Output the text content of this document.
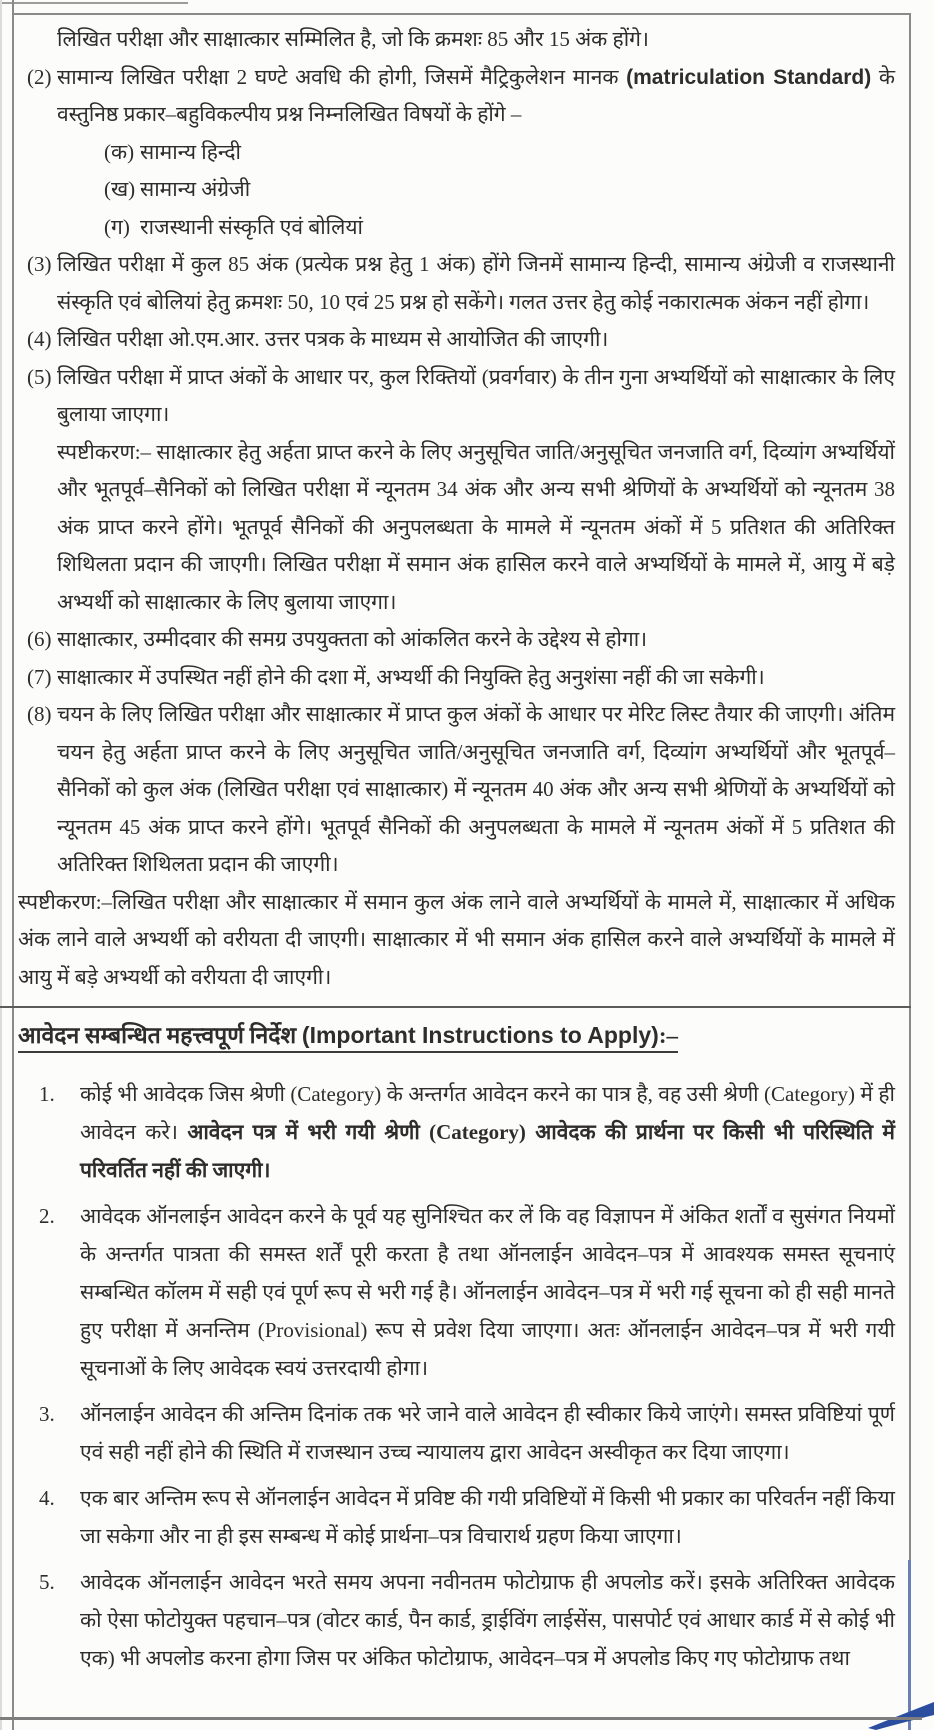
लिखित परीक्षा और साक्षात्कार सम्मिलित है, जो कि क्रमशः 85 और 15 अंक होंगे।
(2) सामान्य लिखित परीक्षा 2 घण्टे अवधि की होगी, जिसमें मैट्रिकुलेशन मानक (matriculation Standard) के वस्तुनिष्ठ प्रकार–बहुविकल्पीय प्रश्न निम्नलिखित विषयों के होंगे –
(क) सामान्य हिन्दी
(ख) सामान्य अंग्रेजी
(ग) राजस्थानी संस्कृति एवं बोलियां
(3) लिखित परीक्षा में कुल 85 अंक (प्रत्येक प्रश्न हेतु 1 अंक) होंगे जिनमें सामान्य हिन्दी, सामान्य अंग्रेजी व राजस्थानी संस्कृति एवं बोलियां हेतु क्रमशः 50, 10 एवं 25 प्रश्न हो सकेंगे। गलत उत्तर हेतु कोई नकारात्मक अंकन नहीं होगा।
(4) लिखित परीक्षा ओ.एम.आर. उत्तर पत्रक के माध्यम से आयोजित की जाएगी।
(5) लिखित परीक्षा में प्राप्त अंकों के आधार पर, कुल रिक्तियों (प्रवर्गवार) के तीन गुना अभ्यर्थियों को साक्षात्कार के लिए बुलाया जाएगा।
स्पष्टीकरण:– साक्षात्कार हेतु अर्हता प्राप्त करने के लिए अनुसूचित जाति/अनुसूचित जनजाति वर्ग, दिव्यांग अभ्यर्थियों और भूतपूर्व–सैनिकों को लिखित परीक्षा में न्यूनतम 34 अंक और अन्य सभी श्रेणियों के अभ्यर्थियों को न्यूनतम 38 अंक प्राप्त करने होंगे। भूतपूर्व सैनिकों की अनुपलब्धता के मामले में न्यूनतम अंकों में 5 प्रतिशत की अतिरिक्त शिथिलता प्रदान की जाएगी। लिखित परीक्षा में समान अंक हासिल करने वाले अभ्यर्थियों के मामले में, आयु में बड़े अभ्यर्थी को साक्षात्कार के लिए बुलाया जाएगा।
(6) साक्षात्कार, उम्मीदवार की समग्र उपयुक्तता को आंकलित करने के उद्देश्य से होगा।
(7) साक्षात्कार में उपस्थित नहीं होने की दशा में, अभ्यर्थी की नियुक्ति हेतु अनुशंसा नहीं की जा सकेगी।
(8) चयन के लिए लिखित परीक्षा और साक्षात्कार में प्राप्त कुल अंकों के आधार पर मेरिट लिस्ट तैयार की जाएगी। अंतिम चयन हेतु अर्हता प्राप्त करने के लिए अनुसूचित जाति/अनुसूचित जनजाति वर्ग, दिव्यांग अभ्यर्थियों और भूतपूर्व–सैनिकों को कुल अंक (लिखित परीक्षा एवं साक्षात्कार) में न्यूनतम 40 अंक और अन्य सभी श्रेणियों के अभ्यर्थियों को न्यूनतम 45 अंक प्राप्त करने होंगे। भूतपूर्व सैनिकों की अनुपलब्धता के मामले में न्यूनतम अंकों में 5 प्रतिशत की अतिरिक्त शिथिलता प्रदान की जाएगी।
स्पष्टीकरण:–लिखित परीक्षा और साक्षात्कार में समान कुल अंक लाने वाले अभ्यर्थियों के मामले में, साक्षात्कार में अधिक अंक लाने वाले अभ्यर्थी को वरीयता दी जाएगी। साक्षात्कार में भी समान अंक हासिल करने वाले अभ्यर्थियों के मामले में आयु में बड़े अभ्यर्थी को वरीयता दी जाएगी।
आवेदन सम्बन्धित महत्त्वपूर्ण निर्देश (Important Instructions to Apply):–
1. कोई भी आवेदक जिस श्रेणी (Category) के अन्तर्गत आवेदन करने का पात्र है, वह उसी श्रेणी (Category) में ही आवेदन करे। आवेदन पत्र में भरी गयी श्रेणी (Category) आवेदक की प्रार्थना पर किसी भी परिस्थिति में परिवर्तित नहीं की जाएगी।
2. आवेदक ऑनलाईन आवेदन करने के पूर्व यह सुनिश्चित कर लें कि वह विज्ञापन में अंकित शर्तों व सुसंगत नियमों के अन्तर्गत पात्रता की समस्त शर्तें पूरी करता है तथा ऑनलाईन आवेदन–पत्र में आवश्यक समस्त सूचनाएं सम्बन्धित कॉलम में सही एवं पूर्ण रूप से भरी गई है। ऑनलाईन आवेदन–पत्र में भरी गई सूचना को ही सही मानते हुए परीक्षा में अनन्तिम (Provisional) रूप से प्रवेश दिया जाएगा। अतः ऑनलाईन आवेदन–पत्र में भरी गयी सूचनाओं के लिए आवेदक स्वयं उत्तरदायी होगा।
3. ऑनलाईन आवेदन की अन्तिम दिनांक तक भरे जाने वाले आवेदन ही स्वीकार किये जाएंगे। समस्त प्रविष्टियां पूर्ण एवं सही नहीं होने की स्थिति में राजस्थान उच्च न्यायालय द्वारा आवेदन अस्वीकृत कर दिया जाएगा।
4. एक बार अन्तिम रूप से ऑनलाईन आवेदन में प्रविष्ट की गयी प्रविष्टियों में किसी भी प्रकार का परिवर्तन नहीं किया जा सकेगा और ना ही इस सम्बन्ध में कोई प्रार्थना–पत्र विचारार्थ ग्रहण किया जाएगा।
5. आवेदक ऑनलाईन आवेदन भरते समय अपना नवीनतम फोटोग्राफ ही अपलोड करें। इसके अतिरिक्त आवेदक को ऐसा फोटोयुक्त पहचान–पत्र (वोटर कार्ड, पैन कार्ड, ड्राईविंग लाईसेंस, पासपोर्ट एवं आधार कार्ड में से कोई भी एक) भी अपलोड करना होगा जिस पर अंकित फोटोग्राफ, आवेदन–पत्र में अपलोड किए गए फोटोग्राफ तथा
